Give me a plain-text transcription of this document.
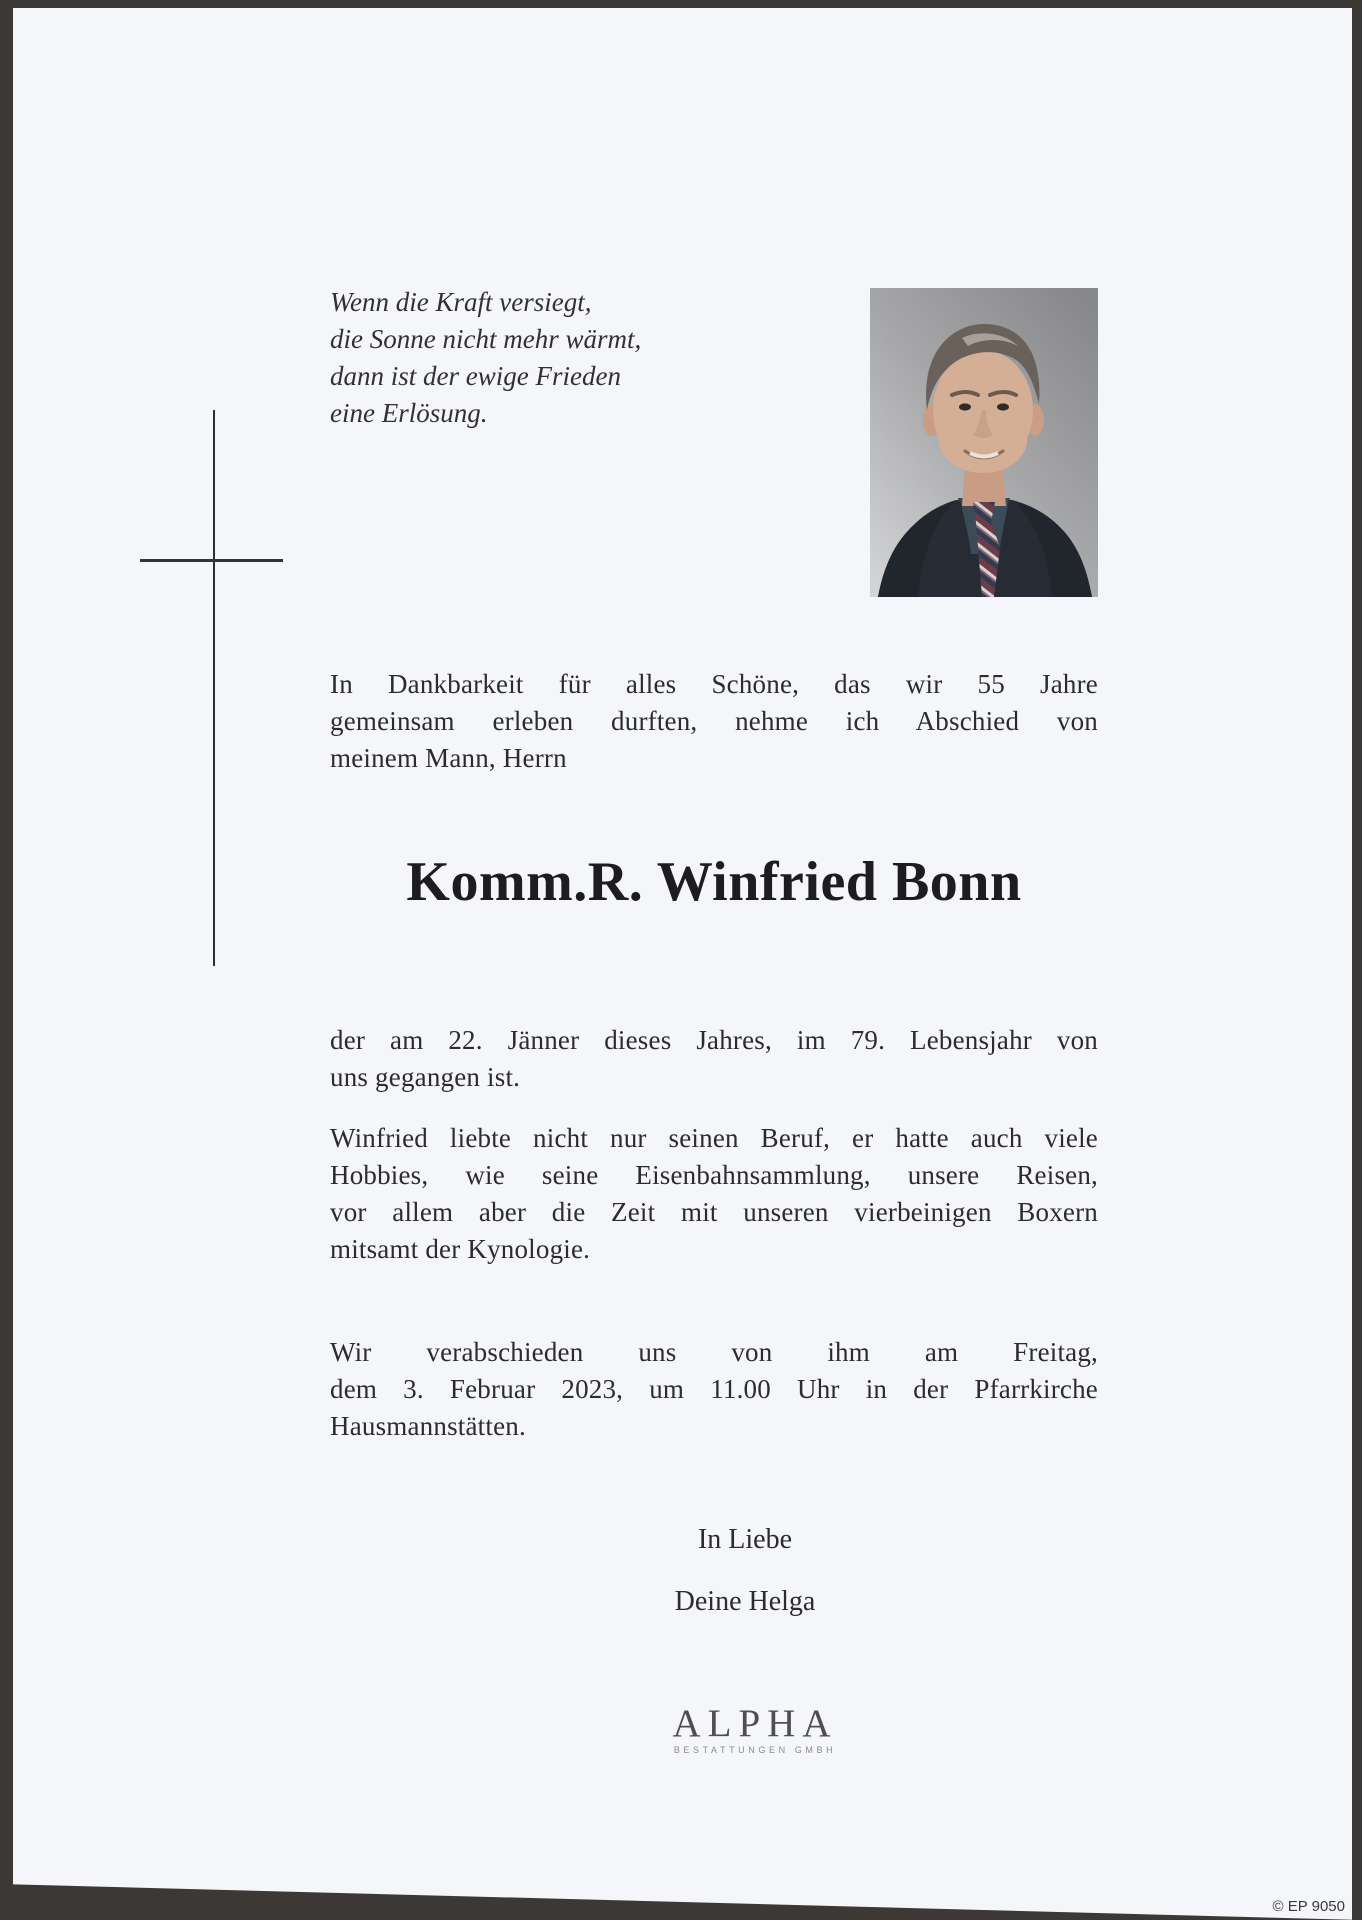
Wenn die Kraft versiegt,
die Sonne nicht mehr wärmt,
dann ist der ewige Frieden
eine Erlösung.
In Dankbarkeit für alles Schöne, das wir 55 Jahre
gemeinsam erleben durften, nehme ich Abschied von
meinem Mann, Herrn
Komm.R. Winfried Bonn
der am 22. Jänner dieses Jahres, im 79. Lebensjahr von
uns gegangen ist.
Winfried liebte nicht nur seinen Beruf, er hatte auch viele
Hobbies, wie seine Eisenbahnsammlung, unsere Reisen,
vor allem aber die Zeit mit unseren vierbeinigen Boxern
mitsamt der Kynologie.
Wir verabschieden uns von ihm am Freitag,
dem 3. Februar 2023, um 11.00 Uhr in der Pfarrkirche
Hausmannstätten.
In Liebe
Deine Helga
ALPHA
BESTATTUNGEN GMBH
© EP 9050
